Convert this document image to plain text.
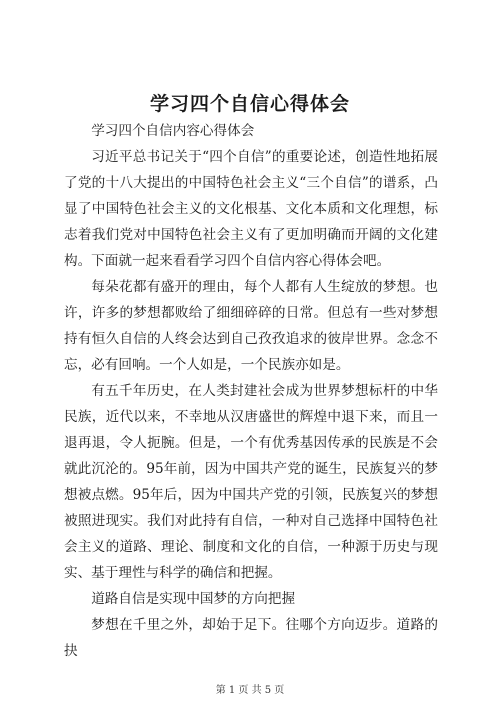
学习四个自信心得体会

学习四个自信内容心得体会

习近平总书记关于“四个自信”的重要论述，创造性地拓展了党的十八大提出的中国特色社会主义“三个自信”的谱系，凸显了中国特色社会主义的文化根基、文化本质和文化理想，标志着我们党对中国特色社会主义有了更加明确而开阔的文化建构。下面就一起来看看学习四个自信内容心得体会吧。

每朵花都有盛开的理由，每个人都有人生绽放的梦想。也许，许多的梦想都败给了细细碎碎的日常。但总有一些对梦想持有恒久自信的人终会达到自己孜孜追求的彼岸世界。念念不忘，必有回响。一个人如是，一个民族亦如是。

有五千年历史，在人类封建社会成为世界梦想标杆的中华民族，近代以来，不幸地从汉唐盛世的辉煌中退下来，而且一退再退，令人扼腕。但是，一个有优秀基因传承的民族是不会就此沉沦的。95年前，因为中国共产党的诞生，民族复兴的梦想被点燃。95年后，因为中国共产党的引领，民族复兴的梦想被照进现实。我们对此持有自信，一种对自己选择中国特色社会主义的道路、理论、制度和文化的自信，一种源于历史与现实、基于理性与科学的确信和把握。

道路自信是实现中国梦的方向把握

梦想在千里之外，却始于足下。往哪个方向迈步。道路的抉

第 1 页 共 5 页
